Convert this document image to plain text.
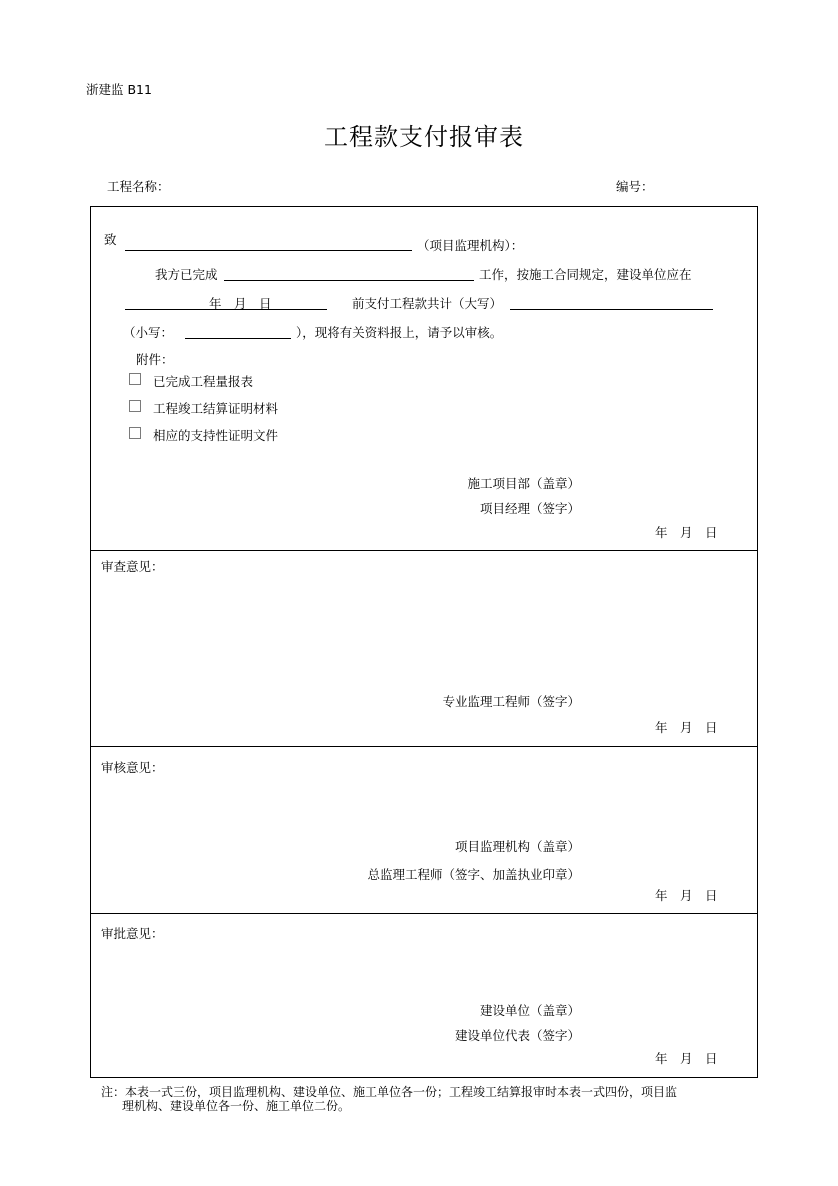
浙建监 B11
工程款支付报审表
工程名称：	编号：
致	（项目监理机构）：
我方已完成	工作，按施工合同规定，建设单位应在
年　月　日	前支付工程款共计（大写）
（小写：	），现将有关资料报上，请予以审核。
附件：
已完成工程量报表
工程竣工结算证明材料
相应的支持性证明文件
施工项目部（盖章）
项目经理（签字）
年　月　日
审查意见：
专业监理工程师（签字）
年　月　日
审核意见：
项目监理机构（盖章）
总监理工程师（签字、加盖执业印章）
年　月　日
审批意见：
建设单位（盖章）
建设单位代表（签字）
年　月　日
注：本表一式三份，项目监理机构、建设单位、施工单位各一份；工程竣工结算报审时本表一式四份，项目监
理机构、建设单位各一份、施工单位二份。
